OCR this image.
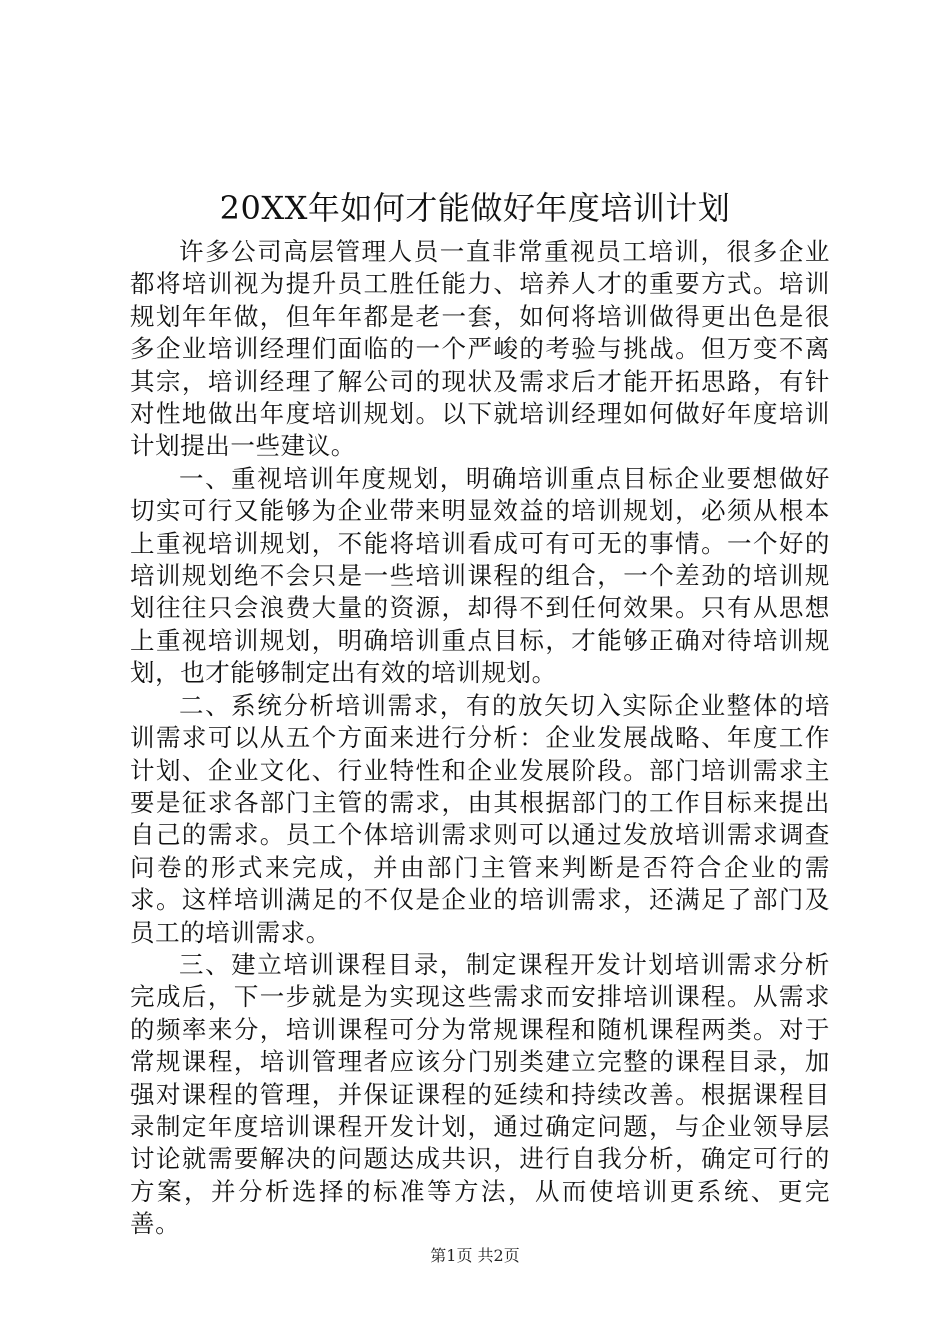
20XX年如何才能做好年度培训计划

许多公司高层管理人员一直非常重视员工培训，很多企业都将培训视为提升员工胜任能力、培养人才的重要方式。培训规划年年做，但年年都是老一套，如何将培训做得更出色是很多企业培训经理们面临的一个严峻的考验与挑战。但万变不离其宗，培训经理了解公司的现状及需求后才能开拓思路，有针对性地做出年度培训规划。以下就培训经理如何做好年度培训计划提出一些建议。

一、重视培训年度规划，明确培训重点目标企业要想做好切实可行又能够为企业带来明显效益的培训规划，必须从根本上重视培训规划，不能将培训看成可有可无的事情。一个好的培训规划绝不会只是一些培训课程的组合，一个差劲的培训规划往往只会浪费大量的资源，却得不到任何效果。只有从思想上重视培训规划，明确培训重点目标，才能够正确对待培训规划，也才能够制定出有效的培训规划。

二、系统分析培训需求，有的放矢切入实际企业整体的培训需求可以从五个方面来进行分析：企业发展战略、年度工作计划、企业文化、行业特性和企业发展阶段。部门培训需求主要是征求各部门主管的需求，由其根据部门的工作目标来提出自己的需求。员工个体培训需求则可以通过发放培训需求调查问卷的形式来完成，并由部门主管来判断是否符合企业的需求。这样培训满足的不仅是企业的培训需求，还满足了部门及员工的培训需求。

三、建立培训课程目录，制定课程开发计划培训需求分析完成后，下一步就是为实现这些需求而安排培训课程。从需求的频率来分，培训课程可分为常规课程和随机课程两类。对于常规课程，培训管理者应该分门别类建立完整的课程目录，加强对课程的管理，并保证课程的延续和持续改善。根据课程目录制定年度培训课程开发计划，通过确定问题，与企业领导层讨论就需要解决的问题达成共识，进行自我分析，确定可行的方案，并分析选择的标准等方法，从而使培训更系统、更完善。

第1页 共2页
